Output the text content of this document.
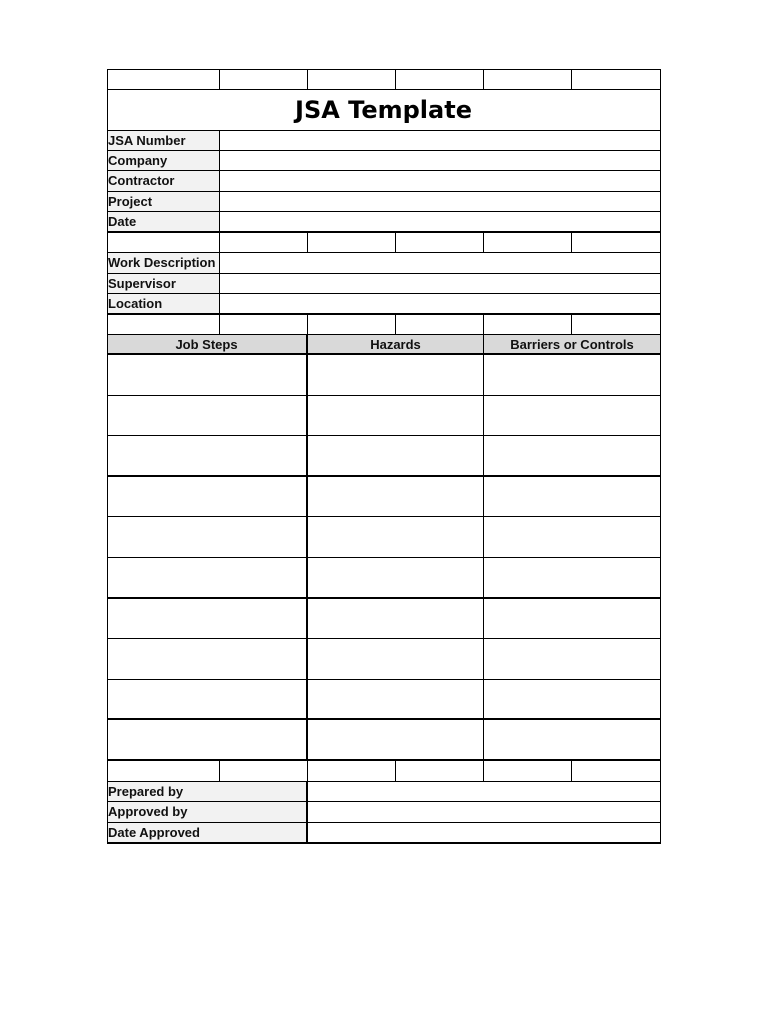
JSA Template
JSA Number
Company
Contractor
Project
Date
Work Description
Supervisor
Location
Job Steps	Hazards	Barriers or Controls
Prepared by
Approved by
Date Approved
